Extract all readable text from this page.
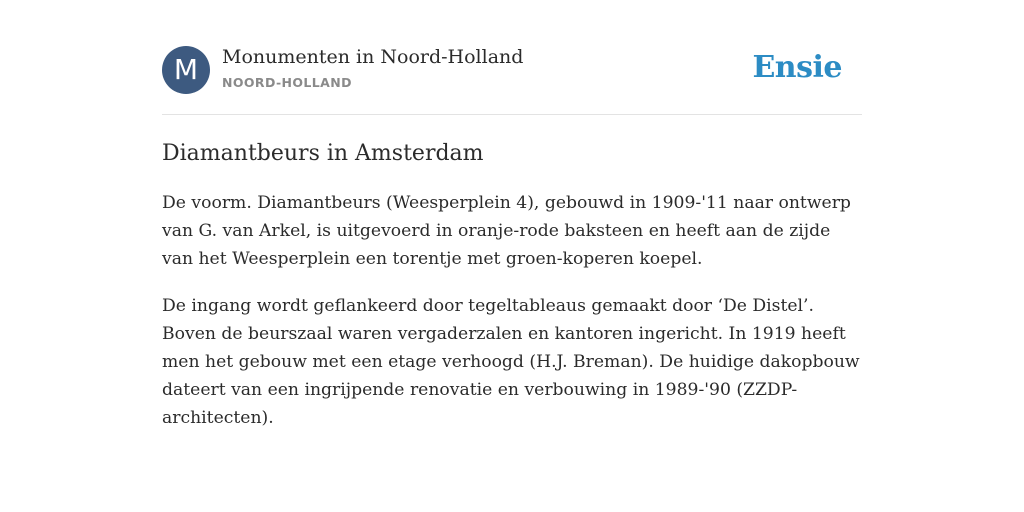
M	Monumenten in Noord-Holland
NOORD-HOLLAND	Ensie
Diamantbeurs in Amsterdam

De voorm. Diamantbeurs (Weesperplein 4), gebouwd in 1909-'11 naar ontwerp van G. van Arkel, is uitgevoerd in oranje-rode baksteen en heeft aan de zijde van het Weesperplein een torentje met groen-koperen koepel.

De ingang wordt geflankeerd door tegeltableaus gemaakt door ‘De Distel’. Boven de beurszaal waren vergaderzalen en kantoren ingericht. In 1919 heeft men het gebouw met een etage verhoogd (H.J. Breman). De huidige dakopbouw dateert van een ingrijpende renovatie en verbouwing in 1989-'90 (ZZDP-architecten).
